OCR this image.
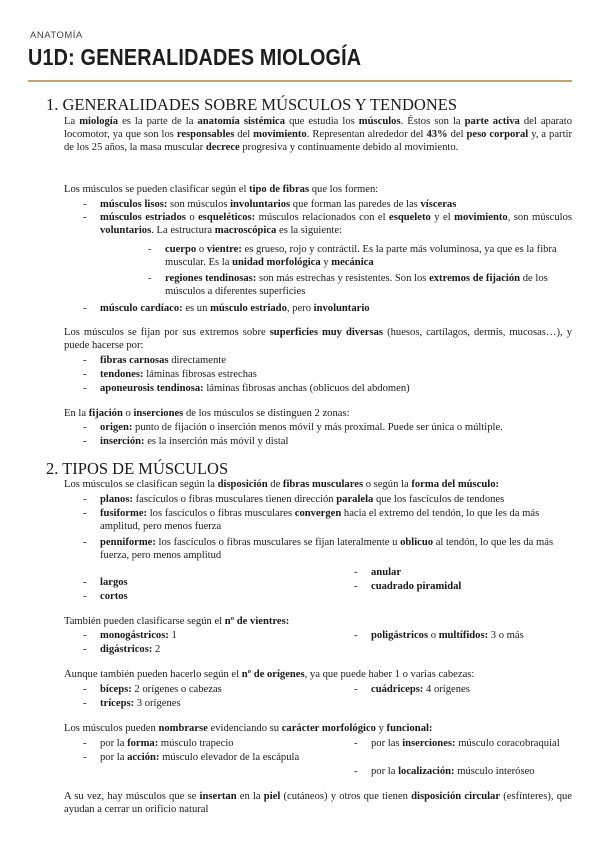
ANATOMÍA
U1D: GENERALIDADES MIOLOGÍA
1. GENERALIDADES SOBRE MÚSCULOS Y TENDONES
La miología es la parte de la anatomía sistémica que estudia los músculos. Éstos son la parte activa del aparato locomotor, ya que son los responsables del movimiento. Representan alrededor del 43% del peso corporal y, a partir de los 25 años, la masa muscular decrece progresiva y continuamente debido al movimiento.
Los músculos se pueden clasificar según el tipo de fibras que los formen:
- músculos lisos: son músculos involuntarios que forman las paredes de las vísceras
- músculos estriados o esqueléticos: músculos relacionados con el esqueleto y el movimiento, son músculos voluntarios. La estructura macroscópica es la siguiente:
- cuerpo o vientre: es grueso, rojo y contráctil. Es la parte más voluminosa, ya que es la fibra muscular. Es la unidad morfológica y mecánica
- regiones tendinosas: son más estrechas y resistentes. Son los extremos de fijación de los músculos a diferentes superficies
- músculo cardíaco: es un músculo estriado, pero involuntario
Los músculos se fijan por sus extremos sobre superficies muy diversas (huesos, cartílagos, dermis, mucosas…), y puede hacerse por:
- fibras carnosas directamente
- tendones: láminas fibrosas estrechas
- aponeurosis tendinosa: láminas fibrosas anchas (oblicuos del abdomen)
En la fijación o inserciones de los músculos se distinguen 2 zonas:
- origen: punto de fijación o inserción menos móvil y más proximal. Puede ser única o múltiple.
- inserción: es la inserción más móvil y distal
2. TIPOS DE MÚSCULOS
Los músculos se clasifican según la disposición de fibras musculares o según la forma del músculo:
- planos: fascículos o fibras musculares tienen dirección paralela que los fascículos de tendones
- fusiforme: los fascículos o fibras musculares convergen hacia el extremo del tendón, lo que les da más amplitud, pero menos fuerza
- penniforme: los fascículos o fibras musculares se fijan lateralmente u oblicuo al tendón, lo que les da más fuerza, pero menos amplitud
- largos
- cortos
- anular
- cuadrado piramidal
También pueden clasificarse según el nº de vientres:
- monogástricos: 1
- digástricos: 2
- poligástricos o multífidos: 3 o más
Aunque también pueden hacerlo según el nº de orígenes, ya que puede haber 1 o varias cabezas:
- bíceps: 2 orígenes o cabezas
- tríceps: 3 orígenes
- cuádriceps: 4 orígenes
Los músculos pueden nombrarse evidenciando su carácter morfológico y funcional:
- por la forma: músculo trapecio
- por la acción: músculo elevador de la escápula
- por las inserciones: músculo coracobraquial
- por la localización: músculo interóseo
A su vez, hay músculos que se insertan en la piel (cutáneos) y otros que tienen disposición circular (esfínteres), que ayudan a cerrar un orificio natural
